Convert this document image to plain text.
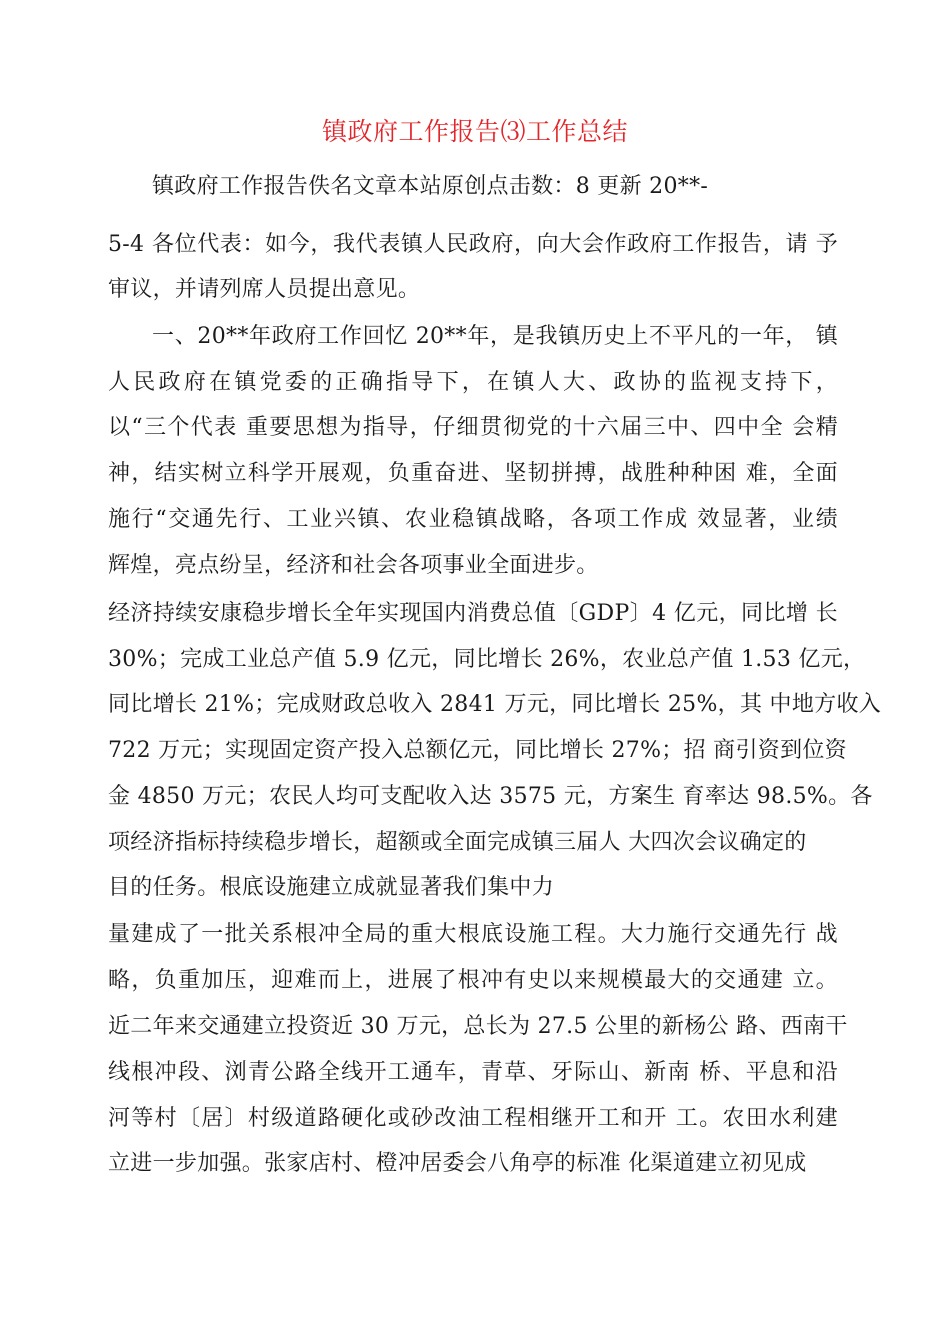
镇政府工作报告⑶工作总结
镇政府工作报告佚名文章本站原创点击数：8 更新 20**-
5-4 各位代表：如今，我代表镇人民政府，向大会作政府工作报告，请 予
审议，并请列席人员提出意见。
一、20**年政府工作回忆 20**年，是我镇历史上不平凡的一年， 镇
人民政府在镇党委的正确指导下，在镇人大、政协的监视支持下，
以“三个代表 重要思想为指导，仔细贯彻党的十六届三中、四中全 会精
神，结实树立科学开展观，负重奋进、坚韧拼搏，战胜种种困 难，全面
施行“交通先行、工业兴镇、农业稳镇战略，各项工作成 效显著，业绩
辉煌，亮点纷呈，经济和社会各项事业全面进步。
经济持续安康稳步增长全年实现国内消费总值〔GDP〕4 亿元，同比增 长
30%；完成工业总产值 5.9 亿元，同比增长 26%，农业总产值 1.53 亿元，
同比增长 21%；完成财政总收入 2841 万元，同比增长 25%，其 中地方收入
722 万元；实现固定资产投入总额亿元，同比增长 27%；招 商引资到位资
金 4850 万元；农民人均可支配收入达 3575 元，方案生 育率达 98.5%。各
项经济指标持续稳步增长，超额或全面完成镇三届人 大四次会议确定的
目的任务。根底设施建立成就显著我们集中力
量建成了一批关系根冲全局的重大根底设施工程。大力施行交通先行 战
略，负重加压，迎难而上，进展了根冲有史以来规模最大的交通建 立。
近二年来交通建立投资近 30 万元，总长为 27.5 公里的新杨公 路、西南干
线根冲段、浏青公路全线开工通车，青草、牙际山、新南 桥、平息和沿
河等村〔居〕村级道路硬化或砂改油工程相继开工和开 工。农田水利建
立进一步加强。张家店村、橙冲居委会八角亭的标准 化渠道建立初见成
